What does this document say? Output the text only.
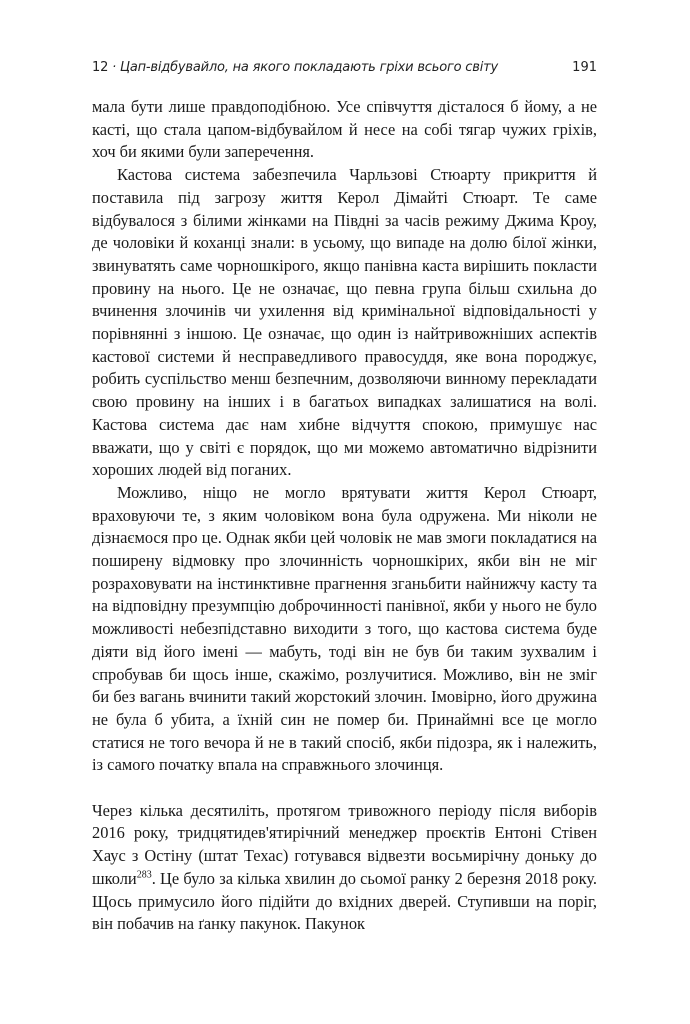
12 · Цап-відбувайло, на якого покладають гріхи всього світу	191

мала бути лише правдоподібною. Усе співчуття дісталося б йому, а не касті, що стала цапом-відбувайлом й несе на собі тягар чужих гріхів, хоч би якими були заперечення.

Кастова система забезпечила Чарльзові Стюарту прикриття й поставила під загрозу життя Керол Дімайті Стюарт. Те саме відбувалося з білими жінками на Півдні за часів режиму Джима Кроу, де чоловіки й коханці знали: в усьому, що випаде на долю білої жінки, звинуватять саме чорношкірого, якщо панівна каста вирішить покласти провину на нього. Це не означає, що певна група більш схильна до вчинення злочинів чи ухилення від кримінальної відповідальності у порівнянні з іншою. Це означає, що один із найтривожніших аспектів кастової системи й несправедливого правосуддя, яке вона породжує, робить суспільство менш безпечним, дозволяючи винному перекладати свою провину на інших і в багатьох випадках залишатися на волі. Кастова система дає нам хибне відчуття спокою, примушує нас вважати, що у світі є порядок, що ми можемо автоматично відрізнити хороших людей від поганих.

Можливо, ніщо не могло врятувати життя Керол Стюарт, враховуючи те, з яким чоловіком вона була одружена. Ми ніколи не дізнаємося про це. Однак якби цей чоловік не мав змоги покладатися на поширену відмовку про злочинність чорношкірих, якби він не міг розраховувати на інстинктивне прагнення зганьбити найнижчу касту та на відповідну презумпцію доброчинності панівної, якби у нього не було можливості небезпідставно виходити з того, що кастова система буде діяти від його імені — мабуть, тоді він не був би таким зухвалим і спробував би щось інше, скажімо, розлучитися. Можливо, він не зміг би без вагань вчинити такий жорстокий злочин. Імовірно, його дружина не була б убита, а їхній син не помер би. Принаймні все це могло статися не того вечора й не в такий спосіб, якби підозра, як і належить, із самого початку впала на справжнього злочинця.

Через кілька десятиліть, протягом тривожного періоду після виборів 2016 року, тридцятидев'ятирічний менеджер проєктів Ентоні Стівен Хаус з Остіну (штат Техас) готувався відвезти восьмирічну доньку до школи$^{283}$. Це було за кілька хвилин до сьомої ранку 2 березня 2018 року. Щось примусило його підійти до вхідних дверей. Ступивши на поріг, він побачив на ґанку пакунок. Пакунок
